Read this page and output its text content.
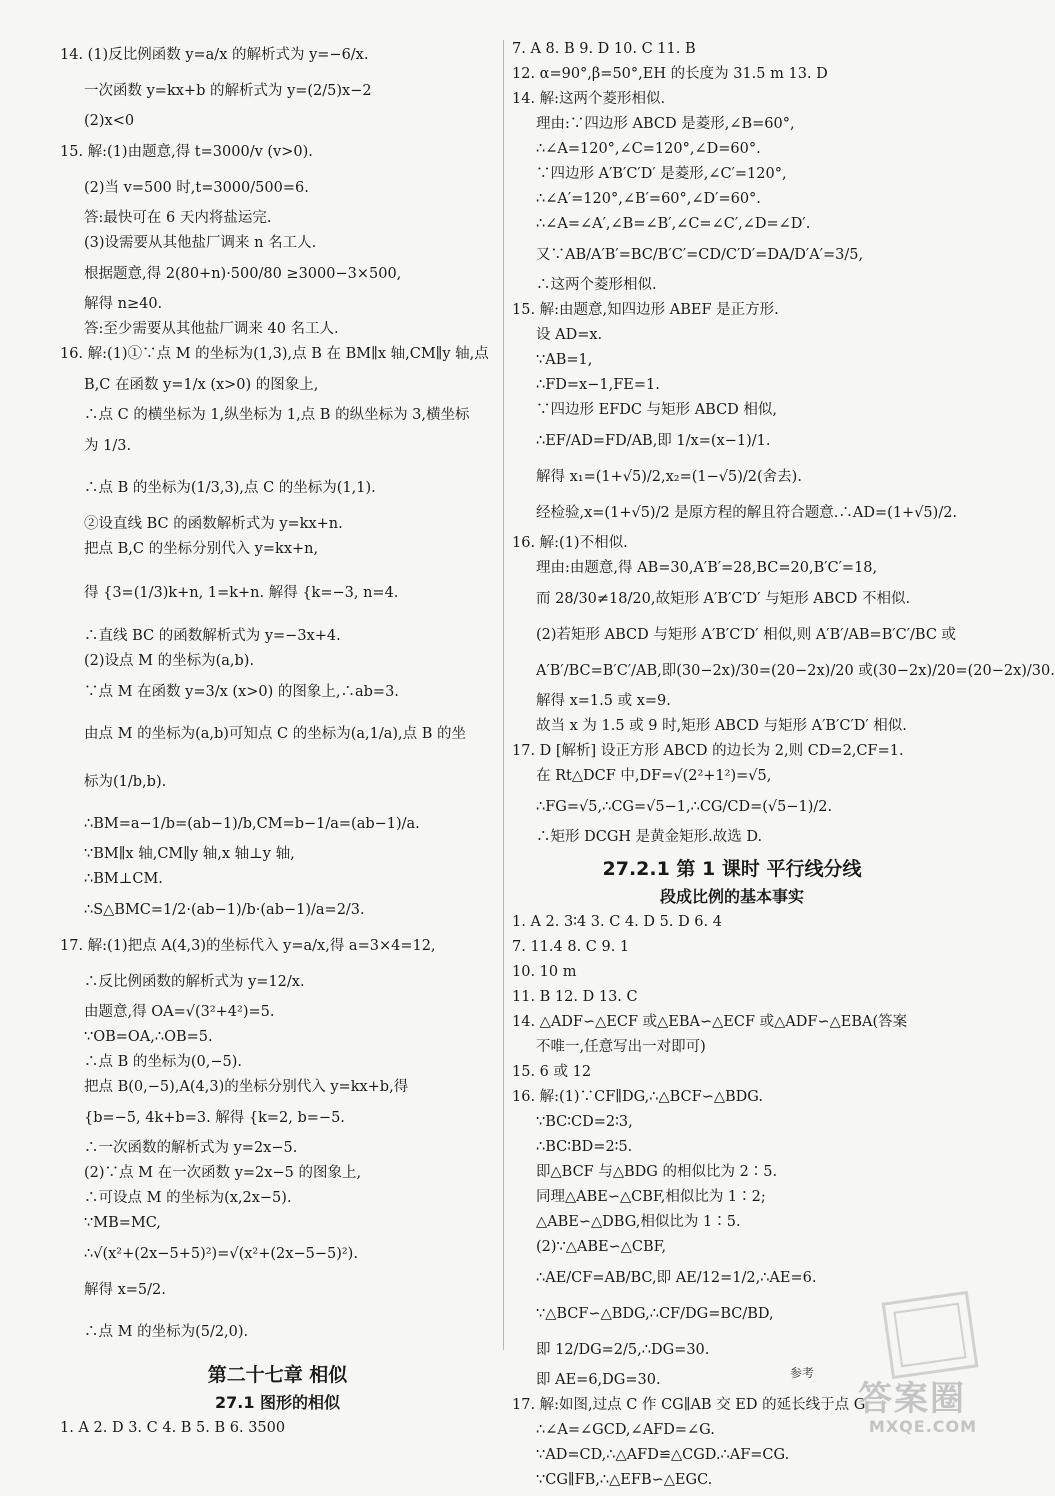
14. (1)反比例函数 y=a/x 的解析式为 y=−6/x.
一次函数 y=kx+b 的解析式为 y=(2/5)x−2
(2)x<0
15. 解:(1)由题意,得 t=3000/v (v>0).
(2)当 v=500 时,t=3000/500=6.
答:最快可在 6 天内将盐运完.
(3)设需要从其他盐厂调来 n 名工人.
根据题意,得 2(80+n)·500/80 ≥3000−3×500,
解得 n≥40.
答:至少需要从其他盐厂调来 40 名工人.
16. 解:(1)①∵点 M 的坐标为(1,3),点 B 在 BM∥x 轴,CM∥y 轴,点
B,C 在函数 y=1/x (x>0) 的图象上,
∴点 C 的横坐标为 1,纵坐标为 1,点 B 的纵坐标为 3,横坐标
为 1/3.
∴点 B 的坐标为(1/3,3),点 C 的坐标为(1,1).
②设直线 BC 的函数解析式为 y=kx+n.
把点 B,C 的坐标分别代入 y=kx+n,
得 {3=(1/3)k+n, 1=k+n. 解得 {k=−3, n=4.
∴直线 BC 的函数解析式为 y=−3x+4.
(2)设点 M 的坐标为(a,b).
∵点 M 在函数 y=3/x (x>0) 的图象上,∴ab=3.
由点 M 的坐标为(a,b)可知点 C 的坐标为(a,1/a),点 B 的坐
标为(1/b,b).
∴BM=a−1/b=(ab−1)/b,CM=b−1/a=(ab−1)/a.
∵BM∥x 轴,CM∥y 轴,x 轴⊥y 轴,
∴BM⊥CM.
∴S△BMC=1/2·(ab−1)/b·(ab−1)/a=2/3.
17. 解:(1)把点 A(4,3)的坐标代入 y=a/x,得 a=3×4=12,
∴反比例函数的解析式为 y=12/x.
由题意,得 OA=√(3²+4²)=5.
∵OB=OA,∴OB=5.
∴点 B 的坐标为(0,−5).
把点 B(0,−5),A(4,3)的坐标分别代入 y=kx+b,得
{b=−5, 4k+b=3. 解得 {k=2, b=−5.
∴一次函数的解析式为 y=2x−5.
(2)∵点 M 在一次函数 y=2x−5 的图象上,
∴可设点 M 的坐标为(x,2x−5).
∵MB=MC,
∴√(x²+(2x−5+5)²)=√(x²+(2x−5−5)²).
解得 x=5/2.
∴点 M 的坐标为(5/2,0).
第二十七章 相似
27.1 图形的相似
1. A 2. D 3. C 4. B 5. B 6. 3500
7. A 8. B 9. D 10. C 11. B
12. α=90°,β=50°,EH 的长度为 31.5 m 13. D
14. 解:这两个菱形相似.
理由:∵四边形 ABCD 是菱形,∠B=60°,
∴∠A=120°,∠C=120°,∠D=60°.
∵四边形 A′B′C′D′ 是菱形,∠C′=120°,
∴∠A′=120°,∠B′=60°,∠D′=60°.
∴∠A=∠A′,∠B=∠B′,∠C=∠C′,∠D=∠D′.
又∵AB/A′B′=BC/B′C′=CD/C′D′=DA/D′A′=3/5,
∴这两个菱形相似.
15. 解:由题意,知四边形 ABEF 是正方形.
设 AD=x.
∵AB=1,
∴FD=x−1,FE=1.
∵四边形 EFDC 与矩形 ABCD 相似,
∴EF/AD=FD/AB,即 1/x=(x−1)/1.
解得 x₁=(1+√5)/2,x₂=(1−√5)/2(舍去).
经检验,x=(1+√5)/2 是原方程的解且符合题意.∴AD=(1+√5)/2.
16. 解:(1)不相似.
理由:由题意,得 AB=30,A′B′=28,BC=20,B′C′=18,
而 28/30≠18/20,故矩形 A′B′C′D′ 与矩形 ABCD 不相似.
(2)若矩形 ABCD 与矩形 A′B′C′D′ 相似,则 A′B′/AB=B′C′/BC 或
A′B′/BC=B′C′/AB,即(30−2x)/30=(20−2x)/20 或(30−2x)/20=(20−2x)/30.
解得 x=1.5 或 x=9.
故当 x 为 1.5 或 9 时,矩形 ABCD 与矩形 A′B′C′D′ 相似.
17. D [解析] 设正方形 ABCD 的边长为 2,则 CD=2,CF=1.
在 Rt△DCF 中,DF=√(2²+1²)=√5,
∴FG=√5,∴CG=√5−1,∴CG/CD=(√5−1)/2.
∴矩形 DCGH 是黄金矩形.故选 D.
27.2.1 第 1 课时 平行线分线
段成比例的基本事实
1. A 2. 3∶4 3. C 4. D 5. D 6. 4
7. 11.4 8. C 9. 1
10. 10 m
11. B 12. D 13. C
14. △ADF∽△ECF 或△EBA∽△ECF 或△ADF∽△EBA(答案
不唯一,任意写出一对即可)
15. 6 或 12
16. 解:(1)∵CF∥DG,∴△BCF∽△BDG.
∵BC∶CD=2∶3,
∴BC∶BD=2∶5.
即△BCF 与△BDG 的相似比为 2∶5.
同理△ABE∽△CBF,相似比为 1∶2;
△ABE∽△DBG,相似比为 1∶5.
(2)∵△ABE∽△CBF,
∴AE/CF=AB/BC,即 AE/12=1/2,∴AE=6.
∵△BCF∽△BDG,∴CF/DG=BC/BD,
即 12/DG=2/5,∴DG=30.
即 AE=6,DG=30.
17. 解:如图,过点 C 作 CG∥AB 交 ED 的延长线于点 G.
∴∠A=∠GCD,∠AFD=∠G.
∵AD=CD,∴△AFD≌△CGD.∴AF=CG.
∵CG∥FB,∴△EFB∽△EGC.
参考
答案圈
MXQE.COM
